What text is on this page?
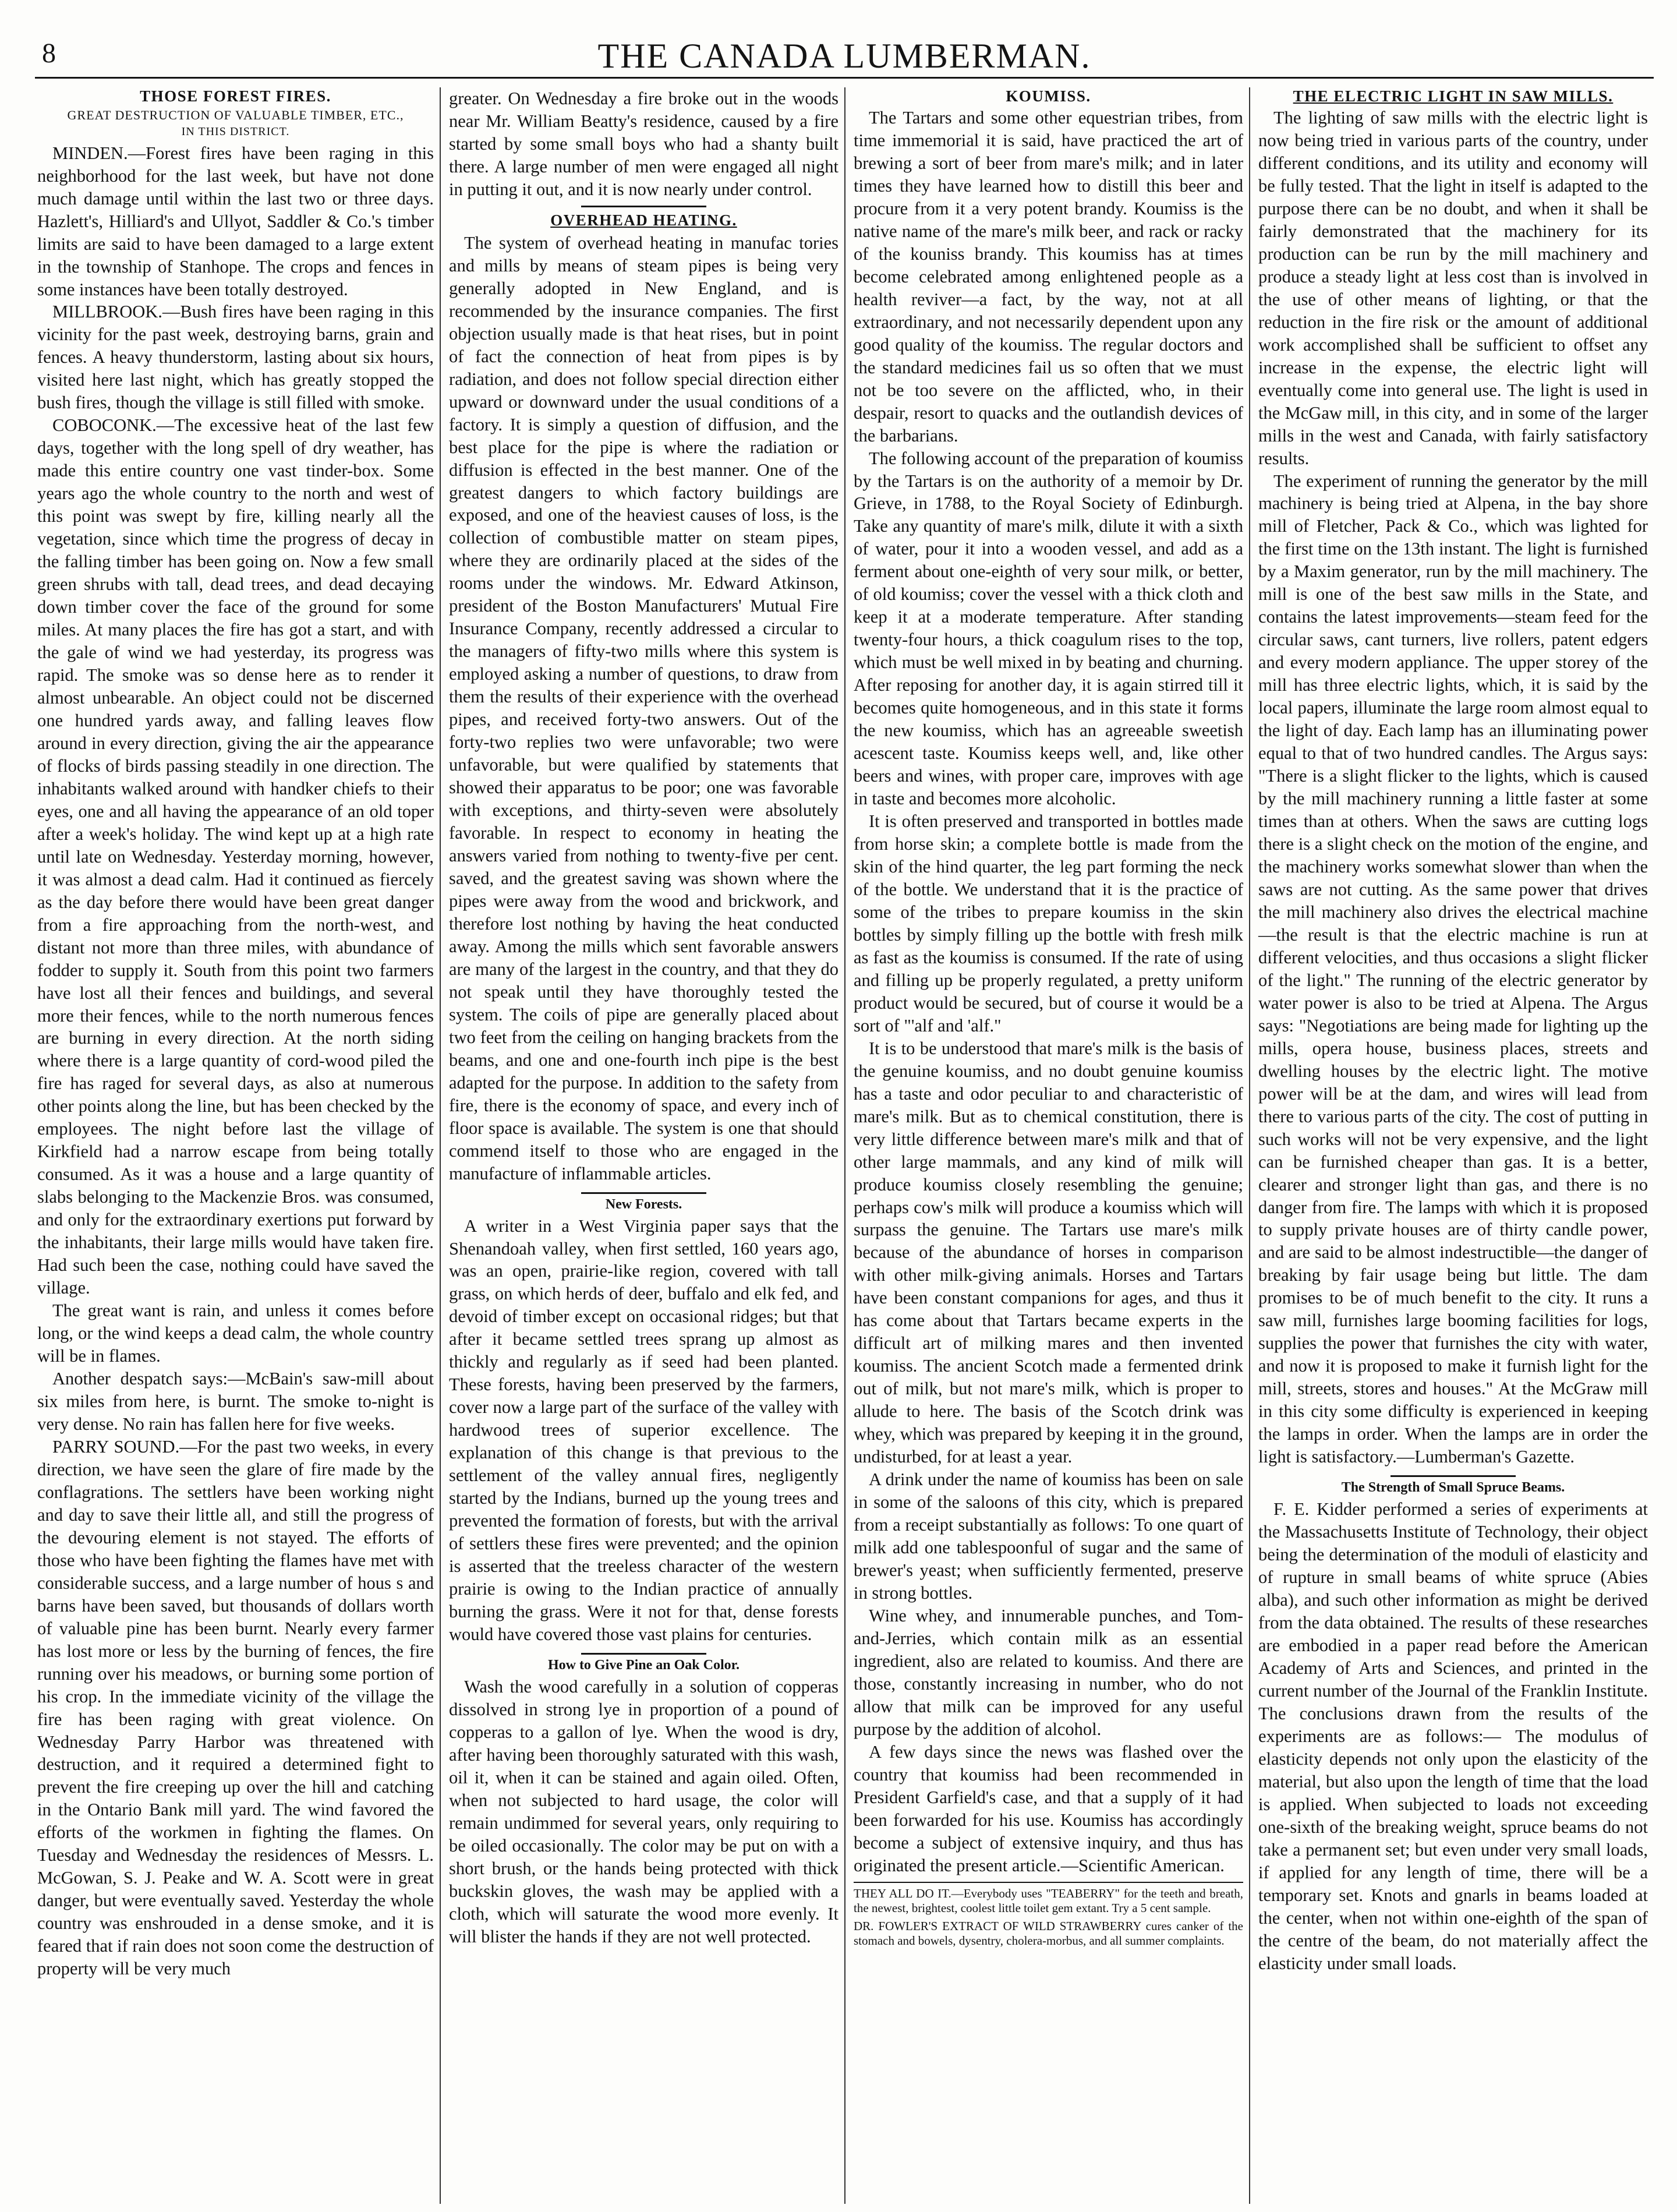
8	THE CANADA LUMBERMAN.
THOSE FOREST FIRES.
GREAT DESTRUCTION OF VALUABLE TIMBER, ETC.,
IN THIS DISTRICT.

MINDEN.—Forest fires have been raging in this neighborhood for the last week, but have not done much damage until within the last two or three days. Hazlett's, Hilliard's and Ullyot, Saddler & Co.'s timber limits are said to have been damaged to a large extent in the township of Stanhope. The crops and fences in some instances have been totally destroyed.

MILLBROOK.—Bush fires have been raging in this vicinity for the past week, destroying barns, grain and fences. A heavy thunderstorm, lasting about six hours, visited here last night, which has greatly stopped the bush fires, though the village is still filled with smoke.

COBOCONK.—The excessive heat of the last few days, together with the long spell of dry weather, has made this entire country one vast tinder-box. Some years ago the whole country to the north and west of this point was swept by fire, killing nearly all the vegetation, since which time the progress of decay in the falling timber has been going on. Now a few small green shrubs with tall, dead trees, and dead decaying down timber cover the face of the ground for some miles. At many places the fire has got a start, and with the gale of wind we had yesterday, its progress was rapid. The smoke was so dense here as to render it almost unbearable. An object could not be discerned one hundred yards away, and falling leaves flow around in every direction, giving the air the appearance of flocks of birds passing steadily in one direction. The inhabitants walked around with handker chiefs to their eyes, one and all having the appearance of an old toper after a week's holiday. The wind kept up at a high rate until late on Wednesday. Yesterday morning, however, it was almost a dead calm. Had it continued as fiercely as the day before there would have been great danger from a fire approaching from the north-west, and distant not more than three miles, with abundance of fodder to supply it. South from this point two farmers have lost all their fences and buildings, and several more their fences, while to the north numerous fences are burning in every direction. At the north siding where there is a large quantity of cord-wood piled the fire has raged for several days, as also at numerous other points along the line, but has been checked by the employees. The night before last the village of Kirkfield had a narrow escape from being totally consumed. As it was a house and a large quantity of slabs belonging to the Mackenzie Bros. was consumed, and only for the extraordinary exertions put forward by the inhabitants, their large mills would have taken fire. Had such been the case, nothing could have saved the village.

The great want is rain, and unless it comes before long, or the wind keeps a dead calm, the whole country will be in flames.

Another despatch says:—McBain's saw-mill about six miles from here, is burnt. The smoke to-night is very dense. No rain has fallen here for five weeks.

PARRY SOUND.—For the past two weeks, in every direction, we have seen the glare of fire made by the conflagrations. The settlers have been working night and day to save their little all, and still the progress of the devouring element is not stayed. The efforts of those who have been fighting the flames have met with considerable success, and a large number of hous s and barns have been saved, but thousands of dollars worth of valuable pine has been burnt. Nearly every farmer has lost more or less by the burning of fences, the fire running over his meadows, or burning some portion of his crop. In the immediate vicinity of the village the fire has been raging with great violence. On Wednesday Parry Harbor was threatened with destruction, and it required a determined fight to prevent the fire creeping up over the hill and catching in the Ontario Bank mill yard. The wind favored the efforts of the workmen in fighting the flames. On Tuesday and Wednesday the residences of Messrs. L. McGowan, S. J. Peake and W. A. Scott were in great danger, but were eventually saved. Yesterday the whole country was enshrouded in a dense smoke, and it is feared that if rain does not soon come the destruction of property will be very much

greater. On Wednesday a fire broke out in the woods near Mr. William Beatty's residence, caused by a fire started by some small boys who had a shanty built there. A large number of men were engaged all night in putting it out, and it is now nearly under control.

OVERHEAD HEATING.

The system of overhead heating in manufac tories and mills by means of steam pipes is being very generally adopted in New England, and is recommended by the insurance companies. The first objection usually made is that heat rises, but in point of fact the connection of heat from pipes is by radiation, and does not follow special direction either upward or downward under the usual conditions of a factory. It is simply a question of diffusion, and the best place for the pipe is where the radiation or diffusion is effected in the best manner. One of the greatest dangers to which factory buildings are exposed, and one of the heaviest causes of loss, is the collection of combustible matter on steam pipes, where they are ordinarily placed at the sides of the rooms under the windows. Mr. Edward Atkinson, president of the Boston Manufacturers' Mutual Fire Insurance Company, recently addressed a circular to the managers of fifty-two mills where this system is employed asking a number of questions, to draw from them the results of their experience with the overhead pipes, and received forty-two answers. Out of the forty-two replies two were unfavorable; two were unfavorable, but were qualified by statements that showed their apparatus to be poor; one was favorable with exceptions, and thirty-seven were absolutely favorable. In respect to economy in heating the answers varied from nothing to twenty-five per cent. saved, and the greatest saving was shown where the pipes were away from the wood and brickwork, and therefore lost nothing by having the heat conducted away. Among the mills which sent favorable answers are many of the largest in the country, and that they do not speak until they have thoroughly tested the system. The coils of pipe are generally placed about two feet from the ceiling on hanging brackets from the beams, and one and one-fourth inch pipe is the best adapted for the purpose. In addition to the safety from fire, there is the economy of space, and every inch of floor space is available. The system is one that should commend itself to those who are engaged in the manufacture of inflammable articles.

New Forests.

A writer in a West Virginia paper says that the Shenandoah valley, when first settled, 160 years ago, was an open, prairie-like region, covered with tall grass, on which herds of deer, buffalo and elk fed, and devoid of timber except on occasional ridges; but that after it became settled trees sprang up almost as thickly and regularly as if seed had been planted. These forests, having been preserved by the farmers, cover now a large part of the surface of the valley with hardwood trees of superior excellence. The explanation of this change is that previous to the settlement of the valley annual fires, negligently started by the Indians, burned up the young trees and prevented the formation of forests, but with the arrival of settlers these fires were prevented; and the opinion is asserted that the treeless character of the western prairie is owing to the Indian practice of annually burning the grass. Were it not for that, dense forests would have covered those vast plains for centuries.

How to Give Pine an Oak Color.

Wash the wood carefully in a solution of copperas dissolved in strong lye in proportion of a pound of copperas to a gallon of lye. When the wood is dry, after having been thoroughly saturated with this wash, oil it, when it can be stained and again oiled. Often, when not subjected to hard usage, the color will remain undimmed for several years, only requiring to be oiled occasionally. The color may be put on with a short brush, or the hands being protected with thick buckskin gloves, the wash may be applied with a cloth, which will saturate the wood more evenly. It will blister the hands if they are not well protected.

KOUMISS.

The Tartars and some other equestrian tribes, from time immemorial it is said, have practiced the art of brewing a sort of beer from mare's milk; and in later times they have learned how to distill this beer and procure from it a very potent brandy. Koumiss is the native name of the mare's milk beer, and rack or racky of the kouniss brandy. This koumiss has at times become celebrated among enlightened people as a health reviver—a fact, by the way, not at all extraordinary, and not necessarily dependent upon any good quality of the koumiss. The regular doctors and the standard medicines fail us so often that we must not be too severe on the afflicted, who, in their despair, resort to quacks and the outlandish devices of the barbarians.

The following account of the preparation of koumiss by the Tartars is on the authority of a memoir by Dr. Grieve, in 1788, to the Royal Society of Edinburgh. Take any quantity of mare's milk, dilute it with a sixth of water, pour it into a wooden vessel, and add as a ferment about one-eighth of very sour milk, or better, of old koumiss; cover the vessel with a thick cloth and keep it at a moderate temperature. After standing twenty-four hours, a thick coagulum rises to the top, which must be well mixed in by beating and churning. After reposing for another day, it is again stirred till it becomes quite homogeneous, and in this state it forms the new koumiss, which has an agreeable sweetish acescent taste. Koumiss keeps well, and, like other beers and wines, with proper care, improves with age in taste and becomes more alcoholic.

It is often preserved and transported in bottles made from horse skin; a complete bottle is made from the skin of the hind quarter, the leg part forming the neck of the bottle. We understand that it is the practice of some of the tribes to prepare koumiss in the skin bottles by simply filling up the bottle with fresh milk as fast as the koumiss is consumed. If the rate of using and filling up be properly regulated, a pretty uniform product would be secured, but of course it would be a sort of "'alf and 'alf."

It is to be understood that mare's milk is the basis of the genuine koumiss, and no doubt genuine koumiss has a taste and odor peculiar to and characteristic of mare's milk. But as to chemical constitution, there is very little difference between mare's milk and that of other large mammals, and any kind of milk will produce koumiss closely resembling the genuine; perhaps cow's milk will produce a koumiss which will surpass the genuine. The Tartars use mare's milk because of the abundance of horses in comparison with other milk-giving animals. Horses and Tartars have been constant companions for ages, and thus it has come about that Tartars became experts in the difficult art of milking mares and then invented koumiss. The ancient Scotch made a fermented drink out of milk, but not mare's milk, which is proper to allude to here. The basis of the Scotch drink was whey, which was prepared by keeping it in the ground, undisturbed, for at least a year.

A drink under the name of koumiss has been on sale in some of the saloons of this city, which is prepared from a receipt substantially as follows: To one quart of milk add one tablespoonful of sugar and the same of brewer's yeast; when sufficiently fermented, preserve in strong bottles.

Wine whey, and innumerable punches, and Tom-and-Jerries, which contain milk as an essential ingredient, also are related to koumiss. And there are those, constantly increasing in number, who do not allow that milk can be improved for any useful purpose by the addition of alcohol.

A few days since the news was flashed over the country that koumiss had been recommended in President Garfield's case, and that a supply of it had been forwarded for his use. Koumiss has accordingly become a subject of extensive inquiry, and thus has originated the present article.—Scientific American.

THEY ALL DO IT.—Everybody uses "TEABERRY" for the teeth and breath, the newest, brightest, coolest little toilet gem extant. Try a 5 cent sample.

DR. FOWLER'S EXTRACT OF WILD STRAWBERRY cures canker of the stomach and bowels, dysentry, cholera-morbus, and all summer complaints.

THE ELECTRIC LIGHT IN SAW MILLS.

The lighting of saw mills with the electric light is now being tried in various parts of the country, under different conditions, and its utility and economy will be fully tested. That the light in itself is adapted to the purpose there can be no doubt, and when it shall be fairly demonstrated that the machinery for its production can be run by the mill machinery and produce a steady light at less cost than is involved in the use of other means of lighting, or that the reduction in the fire risk or the amount of additional work accomplished shall be sufficient to offset any increase in the expense, the electric light will eventually come into general use. The light is used in the McGaw mill, in this city, and in some of the larger mills in the west and Canada, with fairly satisfactory results.

The experiment of running the generator by the mill machinery is being tried at Alpena, in the bay shore mill of Fletcher, Pack & Co., which was lighted for the first time on the 13th instant. The light is furnished by a Maxim generator, run by the mill machinery. The mill is one of the best saw mills in the State, and contains the latest improvements—steam feed for the circular saws, cant turners, live rollers, patent edgers and every modern appliance. The upper storey of the mill has three electric lights, which, it is said by the local papers, illuminate the large room almost equal to the light of day. Each lamp has an illuminating power equal to that of two hundred candles. The Argus says: "There is a slight flicker to the lights, which is caused by the mill machinery running a little faster at some times than at others. When the saws are cutting logs there is a slight check on the motion of the engine, and the machinery works somewhat slower than when the saws are not cutting. As the same power that drives the mill machinery also drives the electrical machine—the result is that the electric machine is run at different velocities, and thus occasions a slight flicker of the light." The running of the electric generator by water power is also to be tried at Alpena. The Argus says: "Negotiations are being made for lighting up the mills, opera house, business places, streets and dwelling houses by the electric light. The motive power will be at the dam, and wires will lead from there to various parts of the city. The cost of putting in such works will not be very expensive, and the light can be furnished cheaper than gas. It is a better, clearer and stronger light than gas, and there is no danger from fire. The lamps with which it is proposed to supply private houses are of thirty candle power, and are said to be almost indestructible—the danger of breaking by fair usage being but little. The dam promises to be of much benefit to the city. It runs a saw mill, furnishes large booming facilities for logs, supplies the power that furnishes the city with water, and now it is proposed to make it furnish light for the mill, streets, stores and houses." At the McGraw mill in this city some difficulty is experienced in keeping the lamps in order. When the lamps are in order the light is satisfactory.—Lumberman's Gazette.

The Strength of Small Spruce Beams.

F. E. Kidder performed a series of experiments at the Massachusetts Institute of Technology, their object being the determination of the moduli of elasticity and of rupture in small beams of white spruce (Abies alba), and such other information as might be derived from the data obtained. The results of these researches are embodied in a paper read before the American Academy of Arts and Sciences, and printed in the current number of the Journal of the Franklin Institute. The conclusions drawn from the results of the experiments are as follows:— The modulus of elasticity depends not only upon the elasticity of the material, but also upon the length of time that the load is applied. When subjected to loads not exceeding one-sixth of the breaking weight, spruce beams do not take a permanent set; but even under very small loads, if applied for any length of time, there will be a temporary set. Knots and gnarls in beams loaded at the center, when not within one-eighth of the span of the centre of the beam, do not materially affect the elasticity under small loads.
